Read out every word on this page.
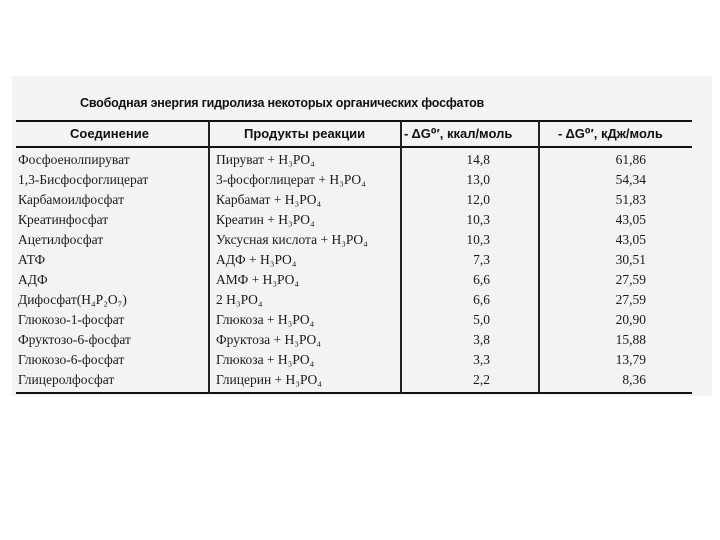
Свободная энергия гидролиза некоторых органических фосфатов
Соединение	Продукты реакции	- ΔG⁰′, ккал/моль	- ΔG⁰′, кДж/моль
Фосфоенолпируват	Пируват + H₃PO₄	14,8	61,86
1,3-Бисфосфоглицерат	3-фосфоглицерат + H₃PO₄	13,0	54,34
Карбамоилфосфат	Карбамат + H₃PO₄	12,0	51,83
Креатинфосфат	Креатин + H₃PO₄	10,3	43,05
Ацетилфосфат	Уксусная кислота + H₃PO₄	10,3	43,05
АТФ	АДФ + H₃PO₄	7,3	30,51
АДФ	АМФ + H₃PO₄	6,6	27,59
Дифосфат(H₄P₂O₇)	2 H₃PO₄	6,6	27,59
Глюкозо-1-фосфат	Глюкоза + H₃PO₄	5,0	20,90
Фруктозо-6-фосфат	Фруктоза + H₃PO₄	3,8	15,88
Глюкозо-6-фосфат	Глюкоза + H₃PO₄	3,3	13,79
Глицеролфосфат	Глицерин + H₃PO₄	2,2	8,36
